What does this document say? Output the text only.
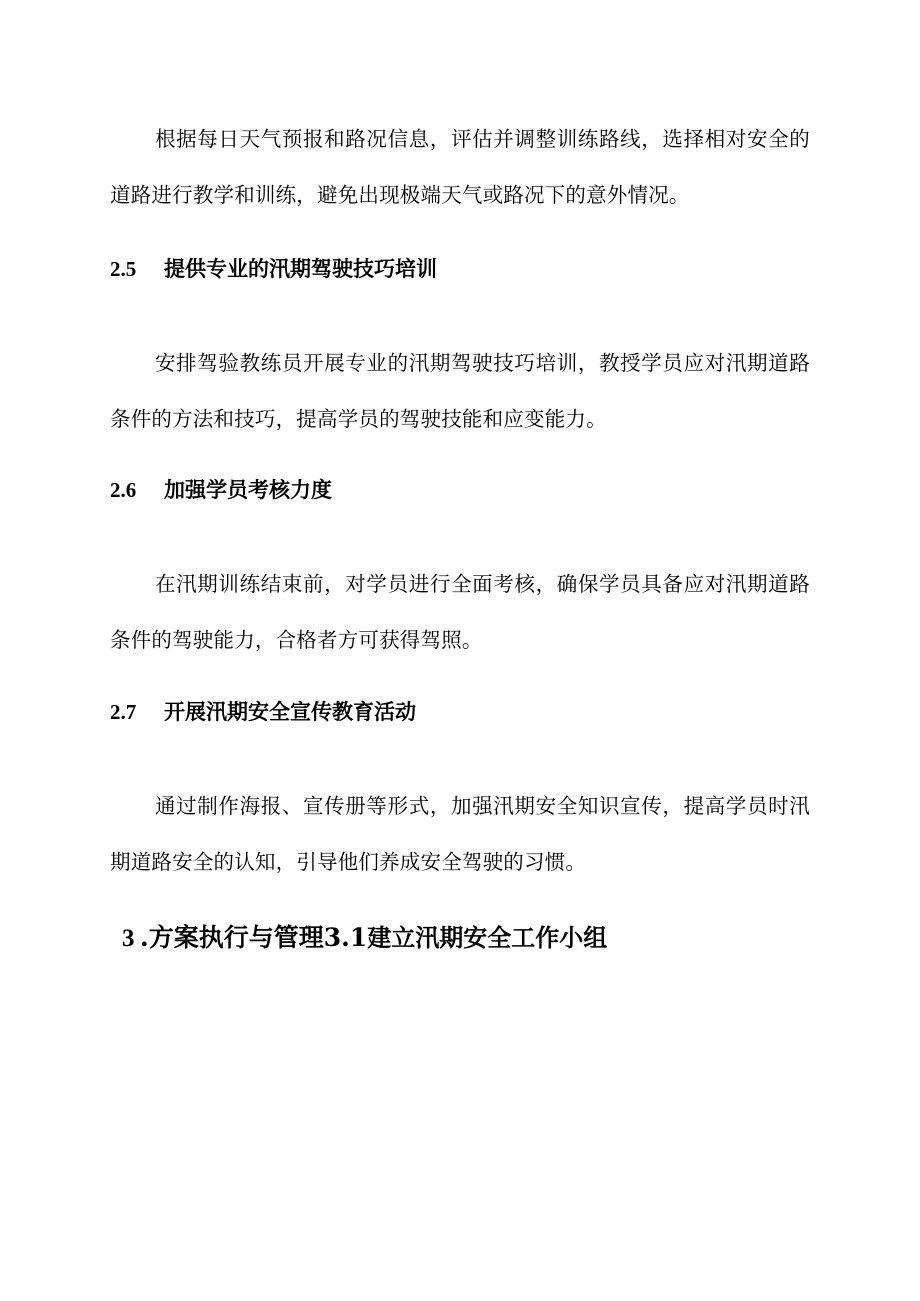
根据每日天气预报和路况信息，评估并调整训练路线，选择相对安全的道路进行教学和训练，避免出现极端天气或路况下的意外情况。

2.5 提供专业的汛期驾驶技巧培训

安排驾验教练员开展专业的汛期驾驶技巧培训，教授学员应对汛期道路条件的方法和技巧，提高学员的驾驶技能和应变能力。

2.6 加强学员考核力度

在汛期训练结束前，对学员进行全面考核，确保学员具备应对汛期道路条件的驾驶能力，合格者方可获得驾照。

2.7 开展汛期安全宣传教育活动

通过制作海报、宣传册等形式，加强汛期安全知识宣传，提高学员时汛期道路安全的认知，引导他们养成安全驾驶的习惯。

3 .方案执行与管理3.1建立汛期安全工作小组
